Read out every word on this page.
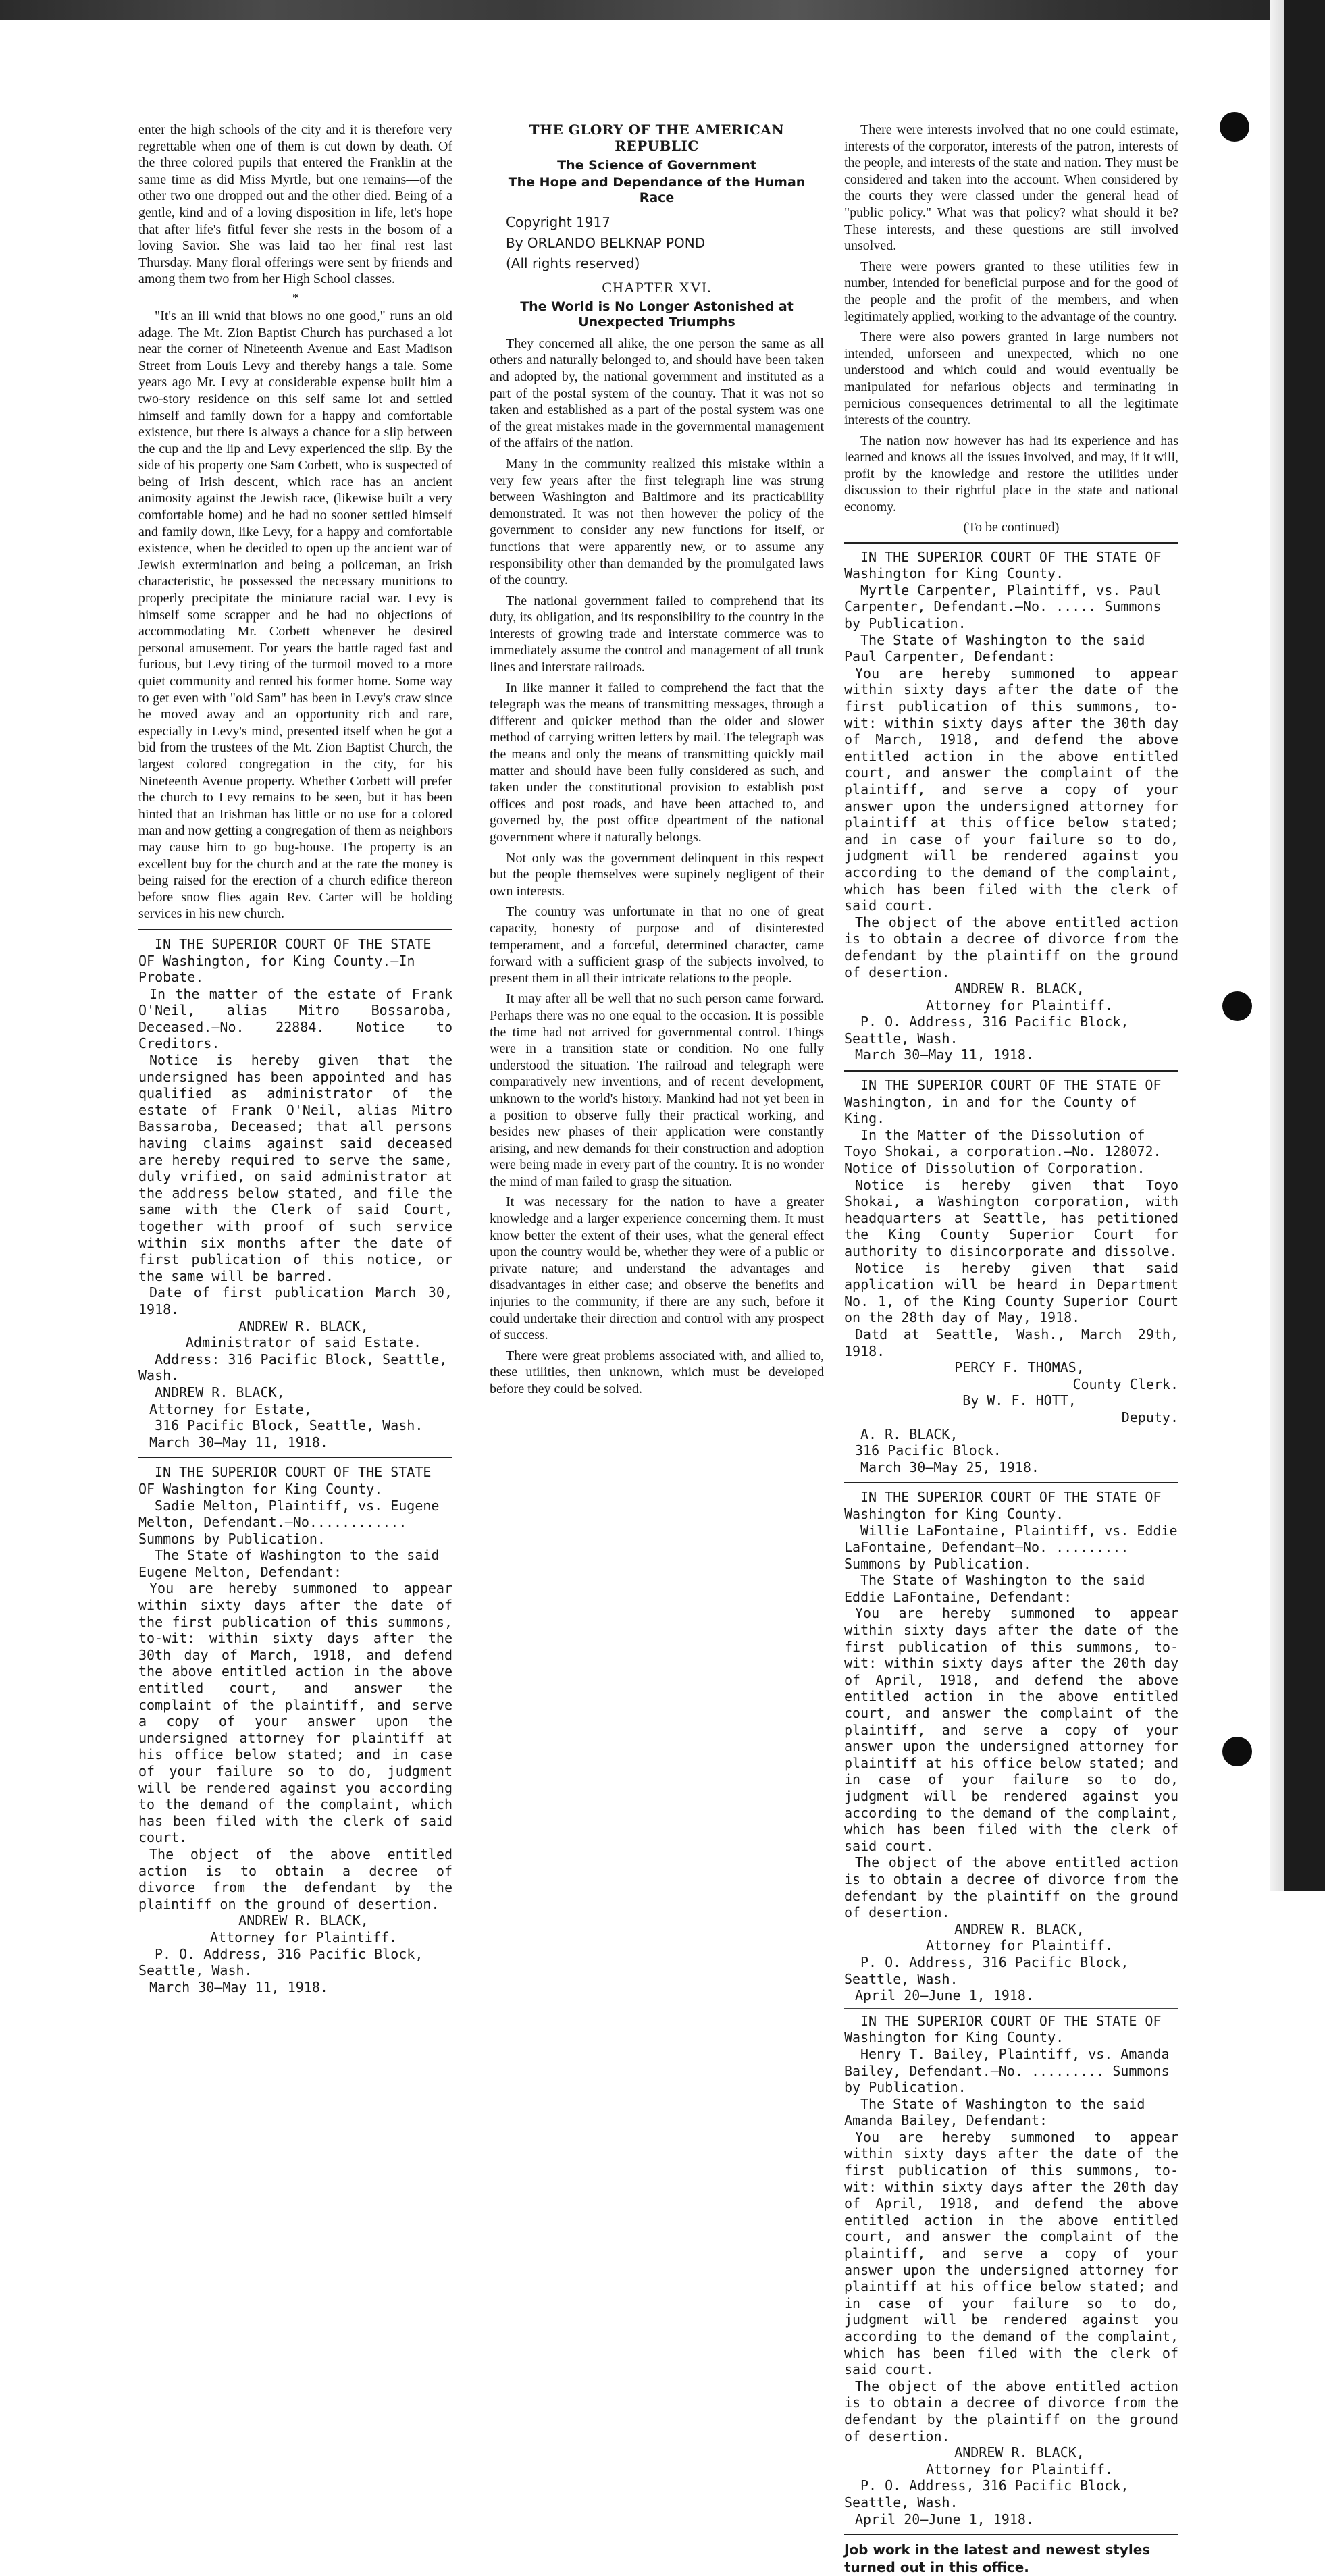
enter the high schools of the city and it is therefore very regrettable when one of them is cut down by death. Of the three colored pupils that entered the Franklin at the same time as did Miss Myrtle, but one remains—of the other two one dropped out and the other died. Being of a gentle, kind and of a loving disposition in life, let's hope that after life's fitful fever she rests in the bosom of a loving Savior. She was laid tao her final rest last Thursday. Many floral offerings were sent by friends and among them two from her High School classes.

*

"It's an ill wnid that blows no one good," runs an old adage. The Mt. Zion Baptist Church has purchased a lot near the corner of Nineteenth Avenue and East Madison Street from Louis Levy and thereby hangs a tale. Some years ago Mr. Levy at considerable expense built him a two-story residence on this self same lot and settled himself and family down for a happy and comfortable existence, but there is always a chance for a slip between the cup and the lip and Levy experienced the slip. By the side of his property one Sam Corbett, who is suspected of being of Irish descent, which race has an ancient animosity against the Jewish race, (likewise built a very comfortable home) and he had no sooner settled himself and family down, like Levy, for a happy and comfortable existence, when he decided to open up the ancient war of Jewish extermination and being a policeman, an Irish characteristic, he possessed the necessary munitions to properly precipitate the miniature racial war. Levy is himself some scrapper and he had no objections of accommodating Mr. Corbett whenever he desired personal amusement. For years the battle raged fast and furious, but Levy tiring of the turmoil moved to a more quiet community and rented his former home. Some way to get even with "old Sam" has been in Levy's craw since he moved away and an opportunity rich and rare, especially in Levy's mind, presented itself when he got a bid from the trustees of the Mt. Zion Baptist Church, the largest colored congregation in the city, for his Nineteenth Avenue property. Whether Corbett will prefer the church to Levy remains to be seen, but it has been hinted that an Irishman has little or no use for a colored man and now getting a congregation of them as neighbors may cause him to go bug-house. The property is an excellent buy for the church and at the rate the money is being raised for the erection of a church edifice thereon before snow flies again Rev. Carter will be holding services in his new church.

IN THE SUPERIOR COURT OF THE STATE OF Washington, for King County.—In Probate.

In the matter of the estate of Frank O'Neil, alias Mitro Bossaroba, Deceased.—No. 22884. Notice to Creditors.

Notice is hereby given that the undersigned has been appointed and has qualified as administrator of the estate of Frank O'Neil, alias Mitro Bassaroba, Deceased; that all persons having claims against said deceased are hereby required to serve the same, duly vrified, on said administrator at the address below stated, and file the same with the Clerk of said Court, together with proof of such service within six months after the date of first publication of this notice, or the same will be barred.

Date of first publication March 30, 1918.

ANDREW R. BLACK,

Administrator of said Estate.

Address: 316 Pacific Block, Seattle, Wash.

ANDREW R. BLACK,

Attorney for Estate,

316 Pacific Block, Seattle, Wash.

March 30—May 11, 1918.

IN THE SUPERIOR COURT OF THE STATE OF Washington for King County.

Sadie Melton, Plaintiff, vs. Eugene Melton, Defendant.—No............ Summons by Publication.

The State of Washington to the said Eugene Melton, Defendant:

You are hereby summoned to appear within sixty days after the date of the first publication of this summons, to-wit: within sixty days after the 30th day of March, 1918, and defend the above entitled action in the above entitled court, and answer the complaint of the plaintiff, and serve a copy of your answer upon the undersigned attorney for plaintiff at his office below stated; and in case of your failure so to do, judgment will be rendered against you according to the demand of the complaint, which has been filed with the clerk of said court.

The object of the above entitled action is to obtain a decree of divorce from the defendant by the plaintiff on the ground of desertion.

ANDREW R. BLACK,

Attorney for Plaintiff.

P. O. Address, 316 Pacific Block, Seattle, Wash.

March 30—May 11, 1918.

THE GLORY OF THE AMERICAN REPUBLIC
The Science of Government
The Hope and Dependance of the Human Race

Copyright 1917

By ORLANDO BELKNAP POND

(All rights reserved)

CHAPTER XVI.
The World is No Longer Astonished at Unexpected Triumphs

They concerned all alike, the one person the same as all others and naturally belonged to, and should have been taken and adopted by, the national government and instituted as a part of the postal system of the country. That it was not so taken and established as a part of the postal system was one of the great mistakes made in the governmental management of the affairs of the nation.

Many in the community realized this mistake within a very few years after the first telegraph line was strung between Washington and Baltimore and its practicability demonstrated. It was not then however the policy of the government to consider any new functions for itself, or functions that were apparently new, or to assume any responsibility other than demanded by the promulgated laws of the country.

The national government failed to comprehend that its duty, its obligation, and its responsibility to the country in the interests of growing trade and interstate commerce was to immediately assume the control and management of all trunk lines and interstate railroads.

In like manner it failed to comprehend the fact that the telegraph was the means of transmitting messages, through a different and quicker method than the older and slower method of carrying written letters by mail. The telegraph was the means and only the means of transmitting quickly mail matter and should have been fully considered as such, and taken under the constitutional provision to establish post offices and post roads, and have been attached to, and governed by, the post office dpeartment of the national government where it naturally belongs.

Not only was the government delinquent in this respect but the people themselves were supinely negligent of their own interests.

The country was unfortunate in that no one of great capacity, honesty of purpose and of disinterested temperament, and a forceful, determined character, came forward with a sufficient grasp of the subjects involved, to present them in all their intricate relations to the people.

It may after all be well that no such person came forward. Perhaps there was no one equal to the occasion. It is possible the time had not arrived for governmental control. Things were in a transition state or condition. No one fully understood the situation. The railroad and telegraph were comparatively new inventions, and of recent development, unknown to the world's history. Mankind had not yet been in a position to observe fully their practical working, and besides new phases of their application were constantly arising, and new demands for their construction and adoption were being made in every part of the country. It is no wonder the mind of man failed to grasp the situation.

It was necessary for the nation to have a greater knowledge and a larger experience concerning them. It must know better the extent of their uses, what the general effect upon the country would be, whether they were of a public or private nature; and understand the advantages and disadvantages in either case; and observe the benefits and injuries to the community, if there are any such, before it could undertake their direction and control with any prospect of success.

There were great problems associated with, and allied to, these utilities, then unknown, which must be developed before they could be solved.

There were interests involved that no one could estimate, interests of the corporator, interests of the patron, interests of the people, and interests of the state and nation. They must be considered and taken into the account. When considered by the courts they were classed under the general head of "public policy." What was that policy? what should it be? These interests, and these questions are still involved unsolved.

There were powers granted to these utilities few in number, intended for beneficial purpose and for the good of the people and the profit of the members, and when legitimately applied, working to the advantage of the country.

There were also powers granted in large numbers not intended, unforseen and unexpected, which no one understood and which could and would eventually be manipulated for nefarious objects and terminating in pernicious consequences detrimental to all the legitimate interests of the country.

The nation now however has had its experience and has learned and knows all the issues involved, and may, if it will, profit by the knowledge and restore the utilities under discussion to their rightful place in the state and national economy.

(To be continued)

IN THE SUPERIOR COURT OF THE STATE OF Washington for King County.

Myrtle Carpenter, Plaintiff, vs. Paul Carpenter, Defendant.—No. ..... Summons by Publication.

The State of Washington to the said Paul Carpenter, Defendant:

You are hereby summoned to appear within sixty days after the date of the first publication of this summons, to-wit: within sixty days after the 30th day of March, 1918, and defend the above entitled action in the above entitled court, and answer the complaint of the plaintiff, and serve a copy of your answer upon the undersigned attorney for plaintiff at this office below stated; and in case of your failure so to do, judgment will be rendered against you according to the demand of the complaint, which has been filed with the clerk of said court.

The object of the above entitled action is to obtain a decree of divorce from the defendant by the plaintiff on the ground of desertion.

ANDREW R. BLACK,

Attorney for Plaintiff.

P. O. Address, 316 Pacific Block, Seattle, Wash.

March 30—May 11, 1918.

IN THE SUPERIOR COURT OF THE STATE OF Washington, in and for the County of King.

In the Matter of the Dissolution of Toyo Shokai, a corporation.—No. 128072. Notice of Dissolution of Corporation.

Notice is hereby given that Toyo Shokai, a Washington corporation, with headquarters at Seattle, has petitioned the King County Superior Court for authority to disincorporate and dissolve.

Notice is hereby given that said application will be heard in Department No. 1, of the King County Superior Court on the 28th day of May, 1918.

Datd at Seattle, Wash., March 29th, 1918.

PERCY F. THOMAS,

County Clerk.

By W. F. HOTT,

Deputy.

A. R. BLACK,

316 Pacific Block.

March 30—May 25, 1918.

IN THE SUPERIOR COURT OF THE STATE OF Washington for King County.

Willie LaFontaine, Plaintiff, vs. Eddie LaFontaine, Defendant—No. ......... Summons by Publication.

The State of Washington to the said Eddie LaFontaine, Defendant:

You are hereby summoned to appear within sixty days after the date of the first publication of this summons, to-wit: within sixty days after the 20th day of April, 1918, and defend the above entitled action in the above entitled court, and answer the complaint of the plaintiff, and serve a copy of your answer upon the undersigned attorney for plaintiff at his office below stated; and in case of your failure so to do, judgment will be rendered against you according to the demand of the complaint, which has been filed with the clerk of said court.

The object of the above entitled action is to obtain a decree of divorce from the defendant by the plaintiff on the ground of desertion.

ANDREW R. BLACK,

Attorney for Plaintiff.

P. O. Address, 316 Pacific Block, Seattle, Wash.

April 20—June 1, 1918.

IN THE SUPERIOR COURT OF THE STATE OF Washington for King County.

Henry T. Bailey, Plaintiff, vs. Amanda Bailey, Defendant.—No. ......... Summons by Publication.

The State of Washington to the said Amanda Bailey, Defendant:

You are hereby summoned to appear within sixty days after the date of the first publication of this summons, to-wit: within sixty days after the 20th day of April, 1918, and defend the above entitled action in the above entitled court, and answer the complaint of the plaintiff, and serve a copy of your answer upon the undersigned attorney for plaintiff at his office below stated; and in case of your failure so to do, judgment will be rendered against you according to the demand of the complaint, which has been filed with the clerk of said court.

The object of the above entitled action is to obtain a decree of divorce from the defendant by the plaintiff on the ground of desertion.

ANDREW R. BLACK,

Attorney for Plaintiff.

P. O. Address, 316 Pacific Block, Seattle, Wash.

April 20—June 1, 1918.

Job work in the latest and newest styles turned out in this office.
